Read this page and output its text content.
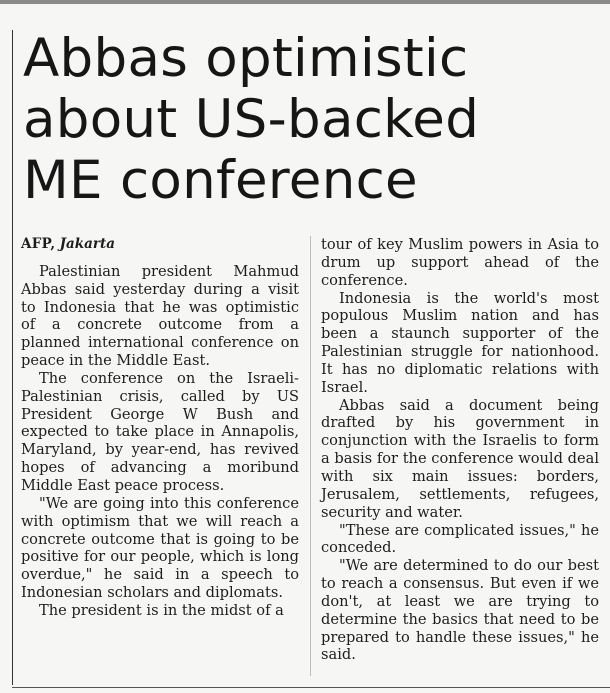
Abbas optimistic
about US-backed
ME conference
AFP, Jakarta

Palestinian president Mahmud Abbas said yesterday during a visit to Indonesia that he was optimistic of a concrete outcome from a planned international conference on peace in the Middle East.

The conference on the Israeli-Palestinian crisis, called by US President George W Bush and expected to take place in Annapolis, Maryland, by year-end, has revived hopes of advancing a moribund Middle East peace process.

"We are going into this conference with optimism that we will reach a concrete outcome that is going to be positive for our people, which is long overdue," he said in a speech to Indonesian scholars and diplomats.

The president is in the midst of a

tour of key Muslim powers in Asia to drum up support ahead of the conference.

Indonesia is the world's most populous Muslim nation and has been a staunch supporter of the Palestinian struggle for nationhood. It has no diplomatic relations with Israel.

Abbas said a document being drafted by his government in conjunction with the Israelis to form a basis for the conference would deal with six main issues: borders, Jerusalem, settlements, refugees, security and water.

"These are complicated issues," he conceded.

"We are determined to do our best to reach a consensus. But even if we don't, at least we are trying to determine the basics that need to be prepared to handle these issues," he said.
